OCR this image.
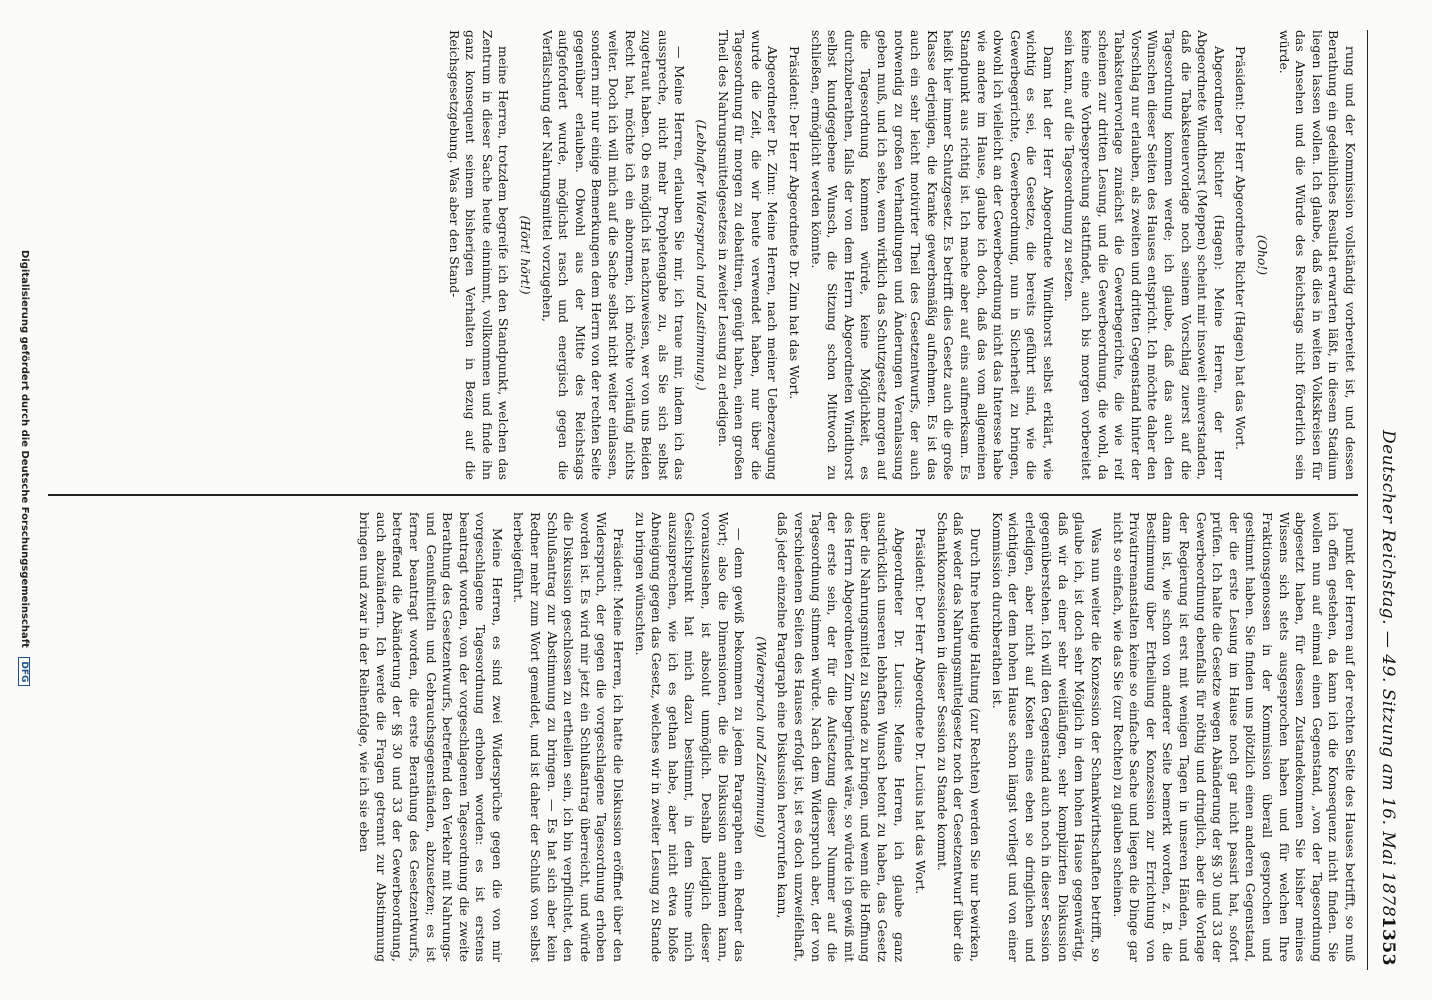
Deutscher Reichstag. — 49. Sitzung am 16. Mai 1878.
1353

rung und der Kommission vollständig vorbereitet ist, und dessen Berathung ein gedeihliches Resultat erwarten läßt, in diesem Stadium liegen lassen wollen. Ich glaube, daß dies in weiten Volkskreisen für das Ansehen und die Würde des Reichstags nicht förderlich sein würde.

(Oho!)

Präsident: Der Herr Abgeordnete Richter (Hagen) hat das Wort.

Abgeordneter Richter (Hagen): Meine Herren, der Herr Abgeordnete Windthorst (Meppen) scheint mir insoweit einverstanden, daß die Tabaksteuervorlage noch seinem Vorschlag zuerst auf die Tagesordnung kommen werde; ich glaube, daß das auch den Wünschen dieser Seiten des Hauses entspricht. Ich möchte daher den Vorschlag nur erlauben, als zweiten und dritten Gegenstand hinter der Tabaksteuervorlage zunächst die Gewerbegerichte, die wie reif scheinen zur dritten Lesung, und die Gewerbeordnung, die wohl, da keine eine Vorbesprechung stattfindet, auch bis morgen vorbereitet sein kann, auf die Tagesordnung zu setzen.

Dann hat der Herr Abgeordnete Windthorst selbst erklärt, wie wichtig es sei, die Gesetze, die bereits geführt sind, wie die Gewerbegerichte, Gewerbeordnung, nun in Sicherheit zu bringen, obwohl ich vielleicht an der Gewerbeordnung nicht das Interesse habe wie andere im Hause, glaube ich doch, daß das vom allgemeinen Standpunkt aus richtig ist. Ich mache aber auf eins aufmerksam. Es heißt hier immer Schutzgesetz. Es betrifft dies Gesetz auch die große Klasse derjenigen, die Kranke gewerbsmäßig aufnehmen. Es ist das auch ein sehr leicht motivirter Theil des Gesetzentwurfs, der auch notwendig zu großen Verhandlungen und Änderungen Veranlassung geben muß, und ich sehe, wenn wirklich das Schutzgesetz morgen auf die Tagesordnung kommen würde, keine Möglichkeit, es durchzuberathen, falls der von dem Herrn Abgeordneten Windthorst selbst kundgegebene Wunsch, die Sitzung schon Mittwoch zu schließen, ermöglicht werden könnte.

Präsident: Der Herr Abgeordnete Dr. Zinn hat das Wort.

Abgeordneter Dr. Zinn: Meine Herren, nach meiner Ueberzeugung wurde die Zeit, die wir heute verwendet haben, nur über die Tagesordnung für morgen zu debattiren, genügt haben, einen großen Theil des Nahrungsmittelgesetzes in zweiter Lesung zu erledigen.

(Lebhafter Widerspruch und Zustimmung.)

— Meine Herren, erlauben Sie mir, ich traue mir, indem ich das ausspreche, nicht mehr Prophetengabe zu, als Sie sich selbst zugetraut haben. Ob es möglich ist nachzuweisen, wer von uns Beiden Recht hat, möchte ich ein abnormen, ich möchte vorläufig nichts weiter. Doch ich will mich auf die Sache selbst nicht weiter einlassen, sondern mir nur einige Bemerkungen dem Herrn von der rechten Seite gegenüber erlauben. Obwohl aus der Mitte des Reichstags aufgefordert wurde, möglichst rasch und energisch gegen die Verfälschung der Nahrungsmittel vorzugehen,

(Hört! hört!)

meine Herren, trotzdem begreife ich den Standpunkt, welchen das Zentrum in dieser Sache heute einnimmt, vollkommen und finde ihn ganz konsequent seinem bisherigen Verhalten in Bezug auf die Reichsgesetzgebung. Was aber den Stand-

punkt der Herren auf der rechten Seite des Hauses betrifft, so muß ich offen gestehen, da kann ich die Konsequenz nicht finden. Sie wollen nun auf einmal einen Gegenstand, „von der Tagesordnung abgesetzt haben, für dessen Zustandekommen Sie bisher meines Wissens sich stets ausgesprochen haben und für welchen Ihre Fraktionsgenossen in der Kommission überall gesprochen und gestimmt haben. Sie finden uns plötzlich einen anderen Gegenstand, der die erste Lesung im Hause noch gar nicht passirt hat, sofort prüfen. Ich halte die Gesetze wegen Abänderung der §§ 30 und 33 der Gewerbeordnung ebenfalls für nöthig und dringlich, aber die Vorlage der Regierung ist erst mit wenigen Tagen in unseren Händen, und dann ist, wie schon von anderer Seite bemerkt worden, z. B. die Bestimmung über Ertheilung der Konzession zur Errichtung von Privatirrenanstalten keine so einfache Sache und liegen die Dinge gar nicht so einfach, wie das Sie (zur Rechten) zu glauben scheinen.

Was nun weiter die Konzession der Schankwirthschaften betrifft, so glaube ich, ist doch sehr Möglich in dem hohen Hause gegenwärtig, daß wir da einer sehr weitläufigen, sehr komplizirten Diskussion gegenüberstehen. Ich will den Gegenstand auch noch in dieser Session erledigen, aber nicht auf Kosten eines eben so dringlichen und wichtigen, der dem hohen Hause schon längst vorliegt und von einer Kommission durchberathen ist.

Durch Ihre heutige Haltung (zur Rechten) werden Sie nur bewirken, daß weder das Nahrungsmittelgesetz noch der Gesetzentwurf über die Schankkonzessionen in dieser Session zu Stande kommt.

Präsident: Der Herr Abgeordnete Dr. Lucius hat das Wort.

Abgeordneter Dr. Lucius: Meine Herren, ich glaube ganz ausdrücklich unseren lebhaften Wunsch betont zu haben, das Gesetz über die Nahrungsmittel zu Stande zu bringen, und wenn die Hoffnung des Herrn Abgeordneten Zinn begründet wäre, so würde ich gewiß mit der erste sein, der für die Aufsetzung dieser Nummer auf die Tagesordnung stimmen würde. Nach dem Widerspruch aber, der von verschiedenen Seiten des Hauses erfolgt ist, ist es doch unzweifelhaft, daß jeder einzelne Paragraph eine Diskussion hervorrufen kann,

(Widerspruch und Zustimmung)

— denn gewiß bekommen zu jedem Paragraphen ein Redner das Wort; also die Dimensionen, die die Diskussion annehmen kann, vorauszusehen, ist absolut unmöglich. Deshalb lediglich dieser Gesichtspunkt hat mich dazu bestimmt, in dem Sinne mich auszusprechen, wie ich es gethan habe, aber nicht etwa bloße Abneigung gegen das Gesetz, welches wir in zweiter Lesung zu Stande zu bringen wünschten.

Präsident: Meine Herren, ich hatte die Diskussion eröffnet über den Widerspruch, der gegen die vorgeschlagene Tagesordnung erhoben worden ist. Es wird mir jetzt ein Schlußantrag überreicht, und würde die Diskussion geschlossen zu ertheilen sein, ich bin verpflichtet, den Schlußantrag zur Abstimmung zu bringen. — Es hat sich aber kein Redner mehr zum Wort gemeldet, und ist daher der Schluß von selbst herbeigeführt.

Meine Herren, es sind zwei Widersprüche gegen die von mir vorgeschlagene Tagesordnung erhoben worden: es ist erstens beantragt worden, von der vorgeschlagenen Tagesordnung die zweite Berathung des Gesetzentwurfs, betreffend den Verkehr mit Nahrungs- und Genußmitteln und Gebrauchsgegenständen, abzusetzen; es ist ferner beantragt worden, die erste Berathung des Gesetzentwurfs, betreffend die Abänderung der §§ 30 und 33 der Gewerbeordnung, auch abzuändern. Ich werde die Fragen getrennt zur Abstimmung bringen und zwar in der Reihenfolge, wie ich sie eben

Digitalisierung gefördert durch die Deutsche Forschungsgemeinschaft DFG
